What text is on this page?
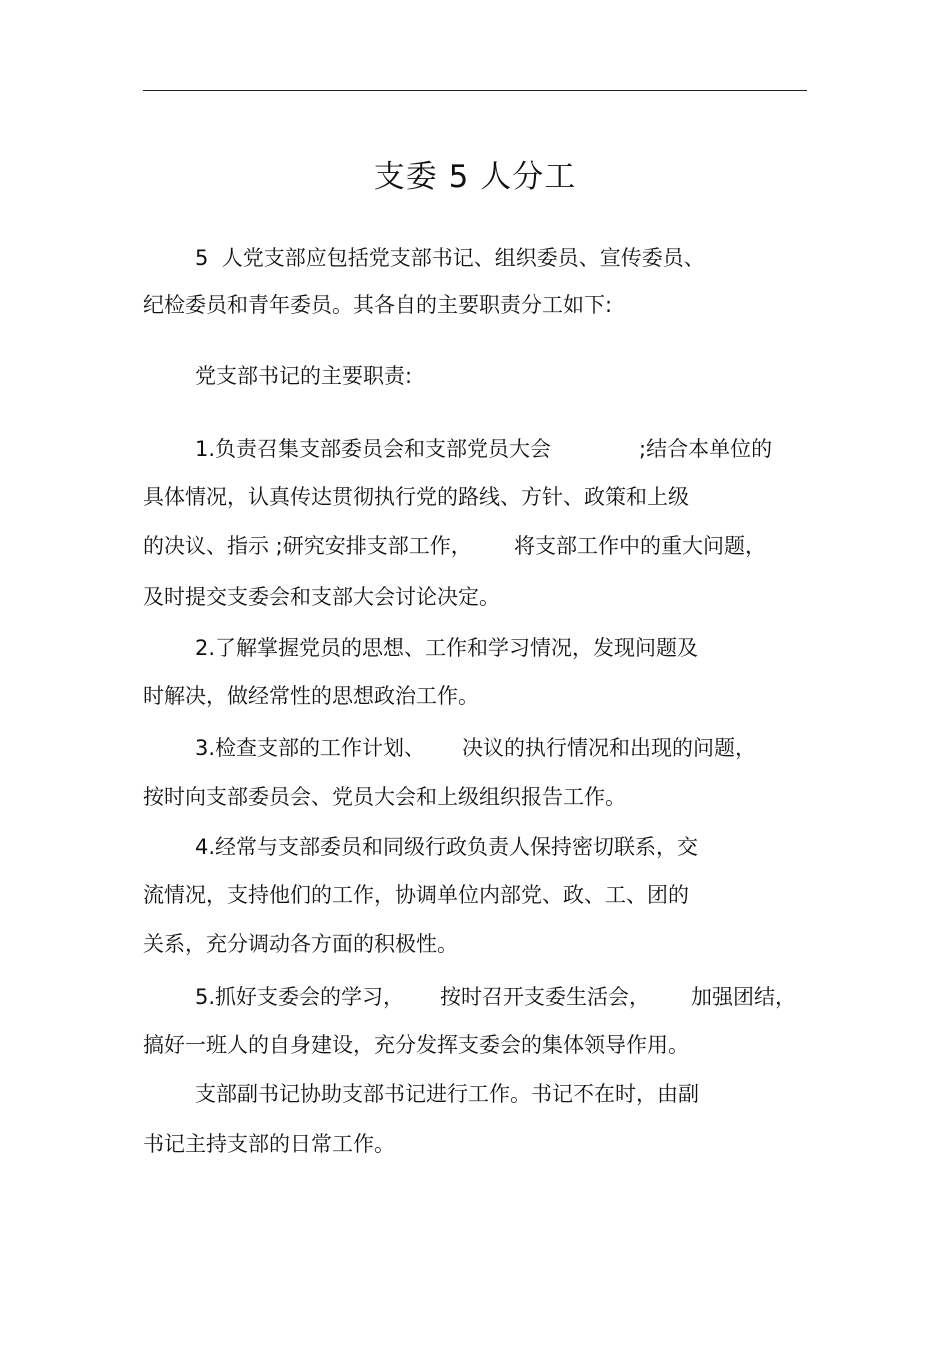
支委 5 人分工
5  人党支部应包括党支部书记、组织委员、宣传委员、
纪检委员和青年委员。其各自的主要职责分工如下:
党支部书记的主要职责:
1.负责召集支部委员会和支部党员大会	;结合本单位的
具体情况，认真传达贯彻执行党的路线、方针、政策和上级
的决议、指示 ;研究安排支部工作， 将支部工作中的重大问题，
及时提交支委会和支部大会讨论决定。
2.了解掌握党员的思想、工作和学习情况，发现问题及
时解决，做经常性的思想政治工作。
3.检查支部的工作计划、 决议的执行情况和出现的问题，
按时向支部委员会、党员大会和上级组织报告工作。
4.经常与支部委员和同级行政负责人保持密切联系，交
流情况，支持他们的工作，协调单位内部党、政、工、团的
关系，充分调动各方面的积极性。
5.抓好支委会的学习， 按时召开支委生活会， 加强团结，
搞好一班人的自身建设，充分发挥支委会的集体领导作用。
支部副书记协助支部书记进行工作。书记不在时，由副
书记主持支部的日常工作。
